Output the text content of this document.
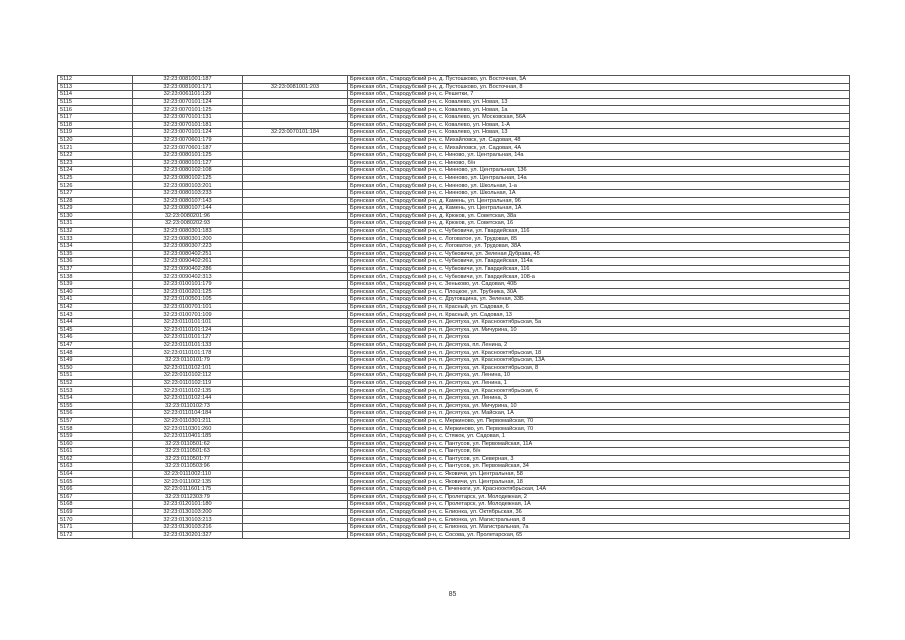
5112	32:23:0081001:187		Брянская обл., Стародубский р-н, д. Пустошково, ул. Восточная, 5А
5113	32:23:0081001:171	32:23:0081001:203	Брянская обл., Стародубский р-н, д. Пустошково, ул. Восточная, 8
5114	32:23:0061101:129		Брянская обл., Стародубский р-н, с. Решетки, 7
5115	32:23:0070101:124		Брянская обл., Стародубский р-н, с. Ковалево, ул. Новая, 13
5116	32:23:0070101:125		Брянская обл., Стародубский р-н, с. Ковалево, ул. Новая, 1а
5117	32:23:0070101:131		Брянская обл., Стародубский р-н, с. Ковалево, ул. Московская, 56А
5118	32:23:0070101:181		Брянская обл., Стародубский р-н, с. Ковалево, ул. Новая, 1-А
5119	32:23:0070101:124	32:23:0070101:184	Брянская обл., Стародубский р-н, с. Ковалево, ул. Новая, 13
5120	32:23:0070601:179		Брянская обл., Стародубский р-н, с. Михайловск, ул. Садовая, 48
5121	32:23:0070601:187		Брянская обл., Стародубский р-н, с. Михайловск, ул. Садовая, 4А
5122	32:23:0080101:125		Брянская обл., Стародубский р-н, с. Ниново, ул. Центральная, 14а
5123	32:23:0080101:127		Брянская обл., Стародубский р-н, с. Ниново, б/н
5124	32:23:0080102:108		Брянская обл., Стародубский р-н, с. Нинново, ул. Центральная, 136
5125	32:23:0080102:125		Брянская обл., Стародубский р-н, с. Нинново, ул. Центральная, 14а
5126	32:23:0080103:201		Брянская обл., Стародубский р-н, с. Нинново, ул. Школьная, 1-а
5127	32:23:0080103:233		Брянская обл., Стародубский р-н, с. Нинново, ул. Школьная, 1А
5128	32:23:0080107:143		Брянская обл., Стародубский р-н, д. Камень, ул. Центральная, 96
5129	32:23:0080107:144		Брянская обл., Стародубский р-н, д. Камень, ул. Центральная, 1А
5130	32:23:0080201:96		Брянская обл., Стародубский р-н, д. Крюков, ул. Советская, 38а
5131	32:23:0080202:93		Брянская обл., Стародубский р-н, д. Крюков, ул. Советская, 16
5132	32:23:0080301:183		Брянская обл., Стародубский р-н, с. Чубковичи, ул. Гвардейская, 116
5133	32:23:0080301:200		Брянская обл., Стародубский р-н, с. Логоватое, ул. Трудовая, 85
5134	32:23:0080307:223		Брянская обл., Стародубский р-н, с. Логоватое, ул. Трудовая, 38А
5135	32:23:0080402:251		Брянская обл., Стародубский р-н, с. Чубковичи, ул. Зеленая Дубрава, 45
5136	32:23:0090402:261		Брянская обл., Стародубский р-н, с. Чубковичи, ул. Гвардейская, 114а
5137	32:23:0090402:286		Брянская обл., Стародубский р-н, с. Чубковичи, ул. Гвардейская, 116
5138	32:23:0090402:313		Брянская обл., Стародубский р-н, с. Чубковичи, ул. Гвардейская, 108-а
5139	32:23:0100101:179		Брянская обл., Стародубский р-н, с. Зеньково, ул. Садовая, 40Б
5140	32:23:0100201:125		Брянская обл., Стародубский р-н, с. Плоцкое, ул. Трубника, 30А
5141	32:23:0100501:105		Брянская обл., Стародубский р-н, с. Друговщина, ул. Зеленая, 33Б
5142	32:23:0100701:101		Брянская обл., Стародубский р-н, п. Красный, ул. Садовая, 6
5143	32:23:0100701:109		Брянская обл., Стародубский р-н, п. Красный, ул. Садовая, 13
5144	32:23:0110101:101		Брянская обл., Стародубский р-н, п. Десятуха, ул. Красноoктябрьская, 5а
5145	32:23:0110101:124		Брянская обл., Стародубский р-н, п. Десятуха, ул. Мичурина, 10
5146	32:23:0110101:127		Брянская обл., Стародубский р-н, п. Десятуха
5147	32:23:0110101:133		Брянская обл., Стародубский р-н, п. Десятуха, пл. Ленина, 2
5148	32:23:0110101:178		Брянская обл., Стародубский р-н, п. Десятуха, ул. Красноoктябрьская, 18
5149	32:23:0110101:79		Брянская обл., Стародубский р-н, п. Десятуха, ул. Красноoктябрьская, 13А
5150	32:23:0110102:101		Брянская обл., Стародубский р-н, п. Десятуха, ул. Красноoктябрьская, 8
5151	32:23:0110102:112		Брянская обл., Стародубский р-н, п. Десятуха, ул. Ленина, 10
5152	32:23:0110102:119		Брянская обл., Стародубский р-н, п. Десятуха, ул. Ленина, 1
5153	32:23:0110102:135		Брянская обл., Стародубский р-н, п. Десятуха, ул. Красноoктябрьская, 6
5154	32:23:0110102:144		Брянская обл., Стародубский р-н, п. Десятуха, ул. Ленина, 3
5155	32:23:0110102:73		Брянская обл., Стародубский р-н, п. Десятуха, ул. Мичурина, 10
5156	32:23:0110104:184		Брянская обл., Стародубский р-н, п. Десятуха, ул. Майская, 1А
5157	32:23:0110301:211		Брянская обл., Стародубский р-н, с. Меркиново, ул. Первомайская, 70
5158	32:23:0110301:260		Брянская обл., Стародубский р-н, с. Меркиново, ул. Первомайская, 70
5159	32:23:0110401:185		Брянская обл., Стародубский р-н, с. Стяжок, ул. Садовая, 1
5160	32:23:0110501:62		Брянская обл., Стародубский р-н, с. Пантусов, ул. Первомайская, 11А
5161	32:23:0110501:63		Брянская обл., Стародубский р-н, с. Пантусов, б/н
5162	32:23:0110501:77		Брянская обл., Стародубский р-н, с. Пантусов, ул. Северная, 3
5163	32:23:0110503:96		Брянская обл., Стародубский р-н, с. Пантусов, ул. Первомайская, 34
5164	32:23:0111002:110		Брянская обл., Стародубский р-н, с. Яковичи, ул. Центральная, 58
5165	32:23:0111002:135		Брянская обл., Стародубский р-н, с. Яковичи, ул. Центральная, 18
5166	32:23:0111601:175		Брянская обл., Стародубский р-н, с. Печенюги, ул. Красноoктябрьская, 14А
5167	32:23:0112303:79		Брянская обл., Стародубский р-н, с. Пролетарск, ул. Молодежная, 2
5168	32:23:0120101:180		Брянская обл., Стародубский р-н, с. Пролетарск, ул. Молодежная, 1А
5169	32:23:0130103:200		Брянская обл., Стародубский р-н, с. Елионка, ул. Октябрьская, 36
5170	32:23:0130103:213		Брянская обл., Стародубский р-н, с. Елионка, ул. Магистральная, 8
5171	32:23:0130103:216		Брянская обл., Стародубский р-н, с. Елионка, ул. Магистральная, 7а
5172	32:23:0130201:327		Брянская обл., Стародубский р-н, с. Сосова, ул. Пролетарская, 65
85
